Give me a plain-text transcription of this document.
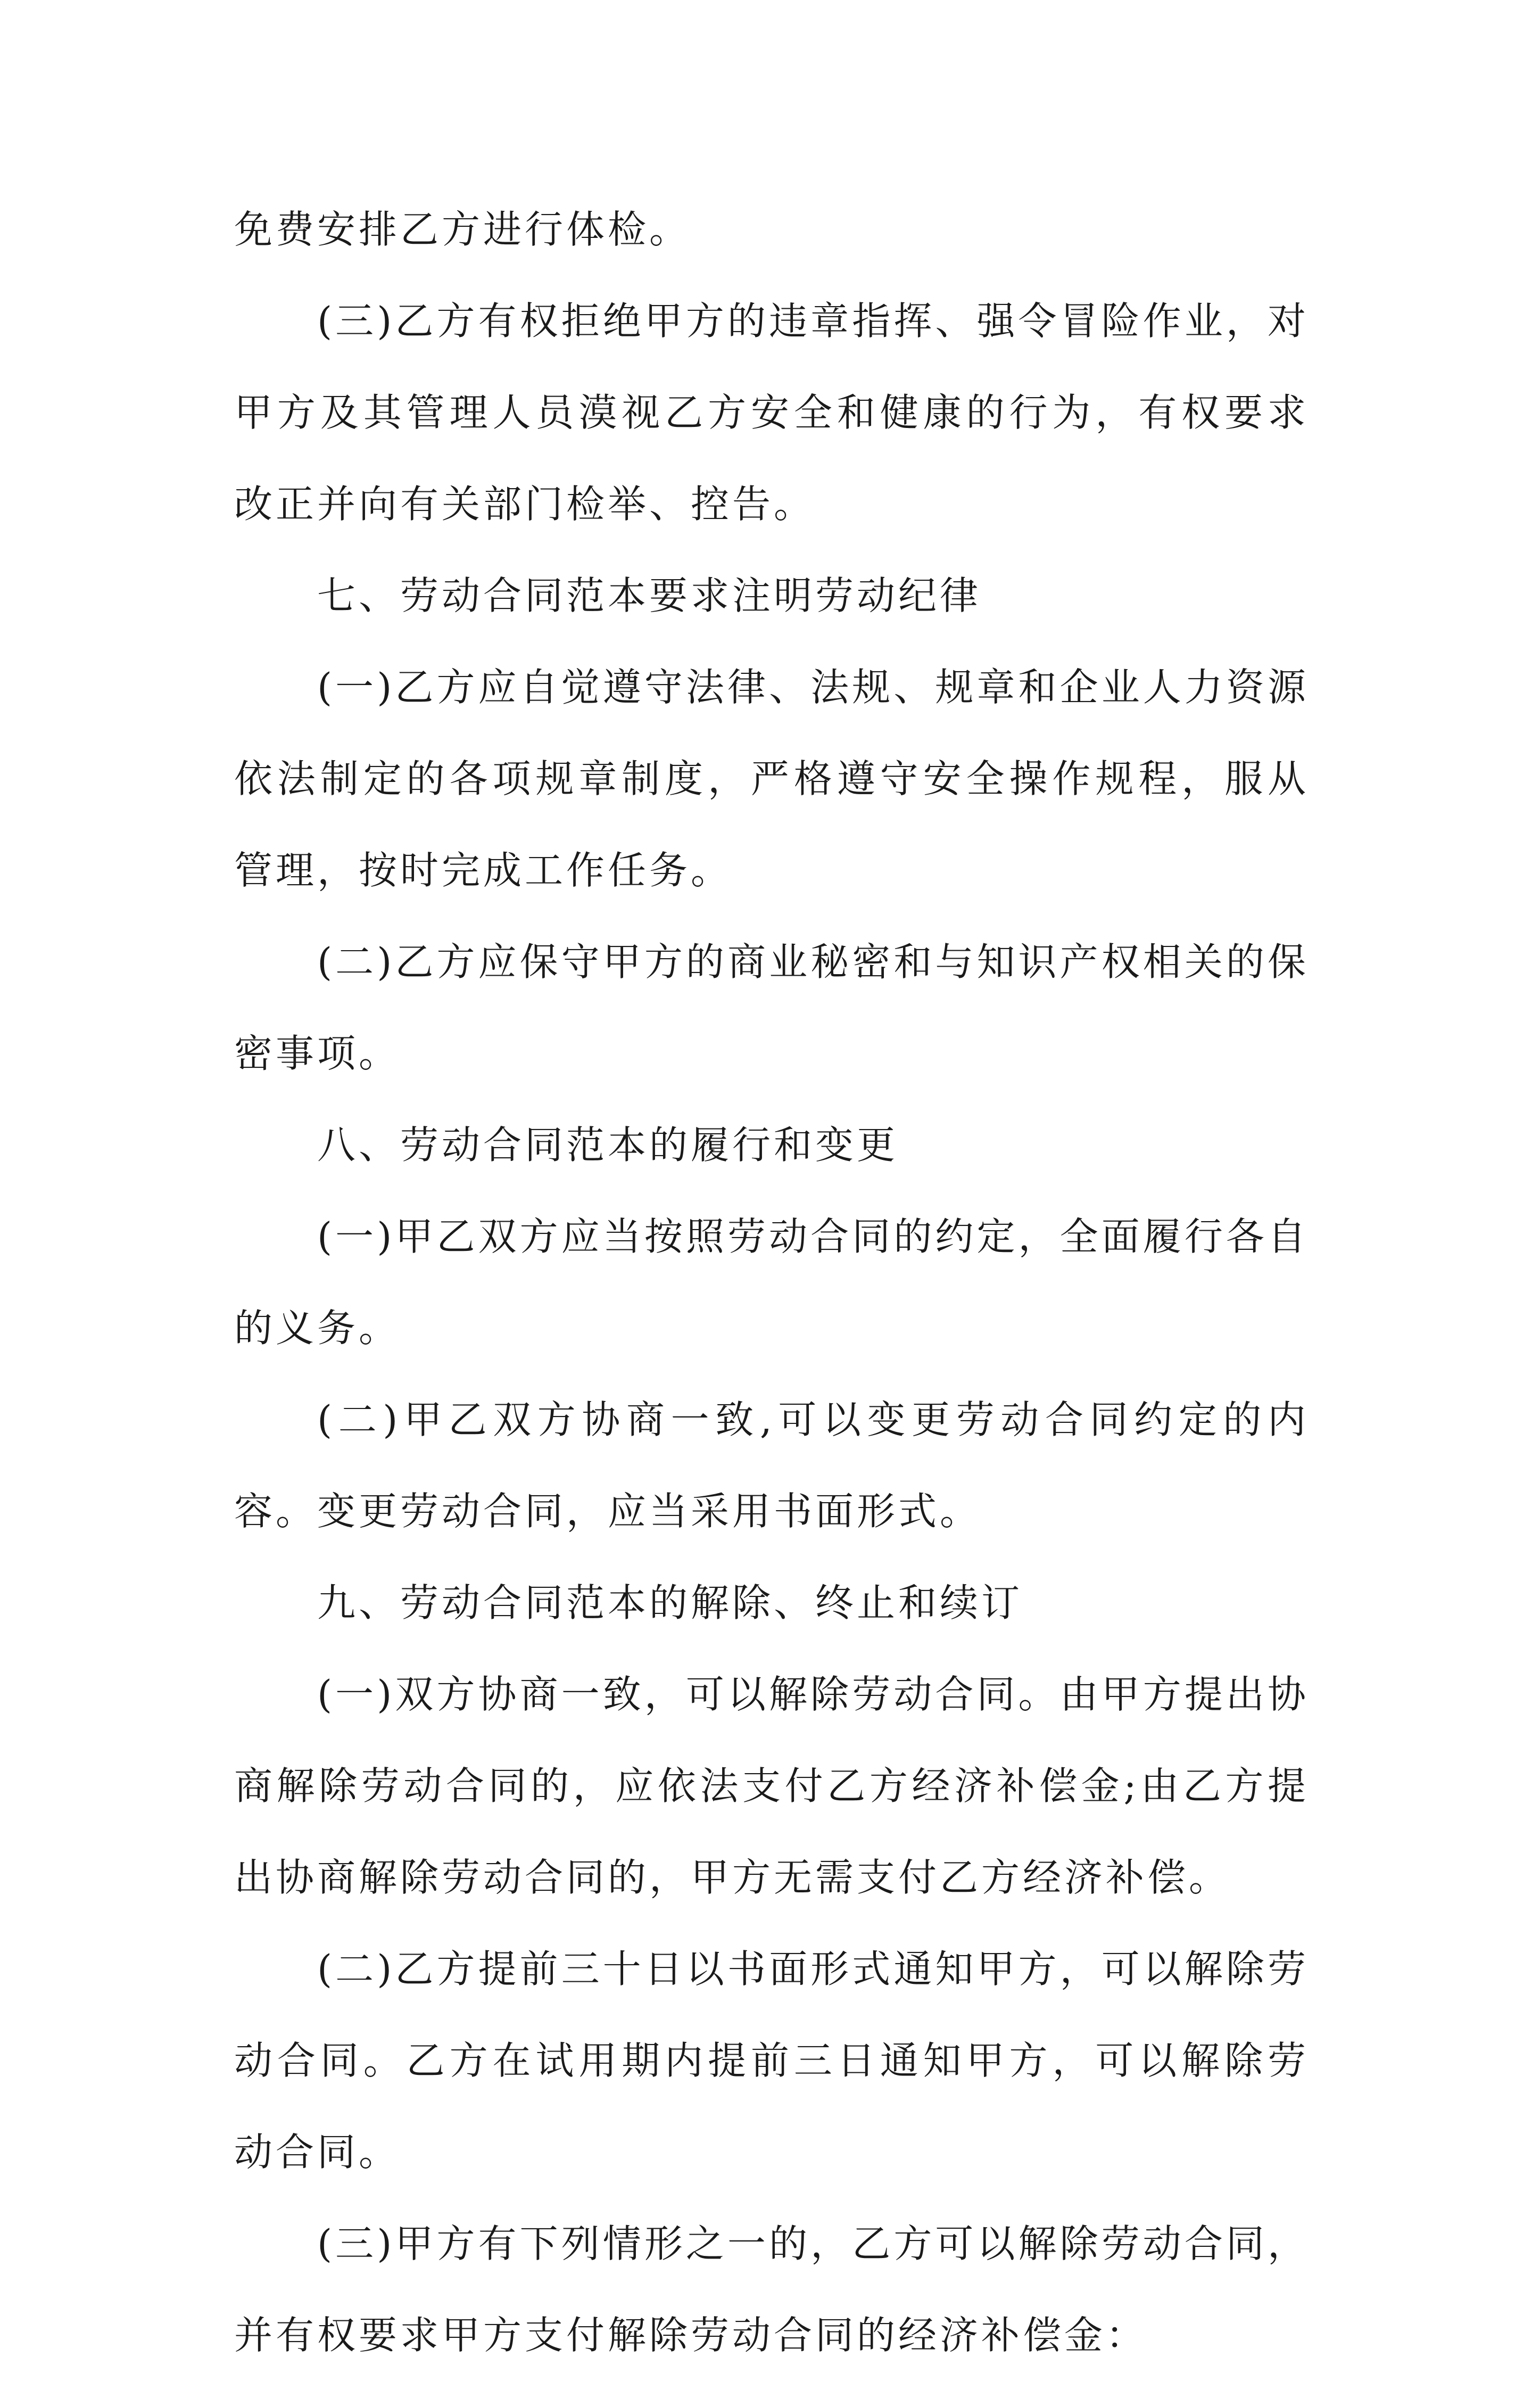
免费安排乙方进行体检。

(三)乙方有权拒绝甲方的违章指挥、强令冒险作业，对甲方及其管理人员漠视乙方安全和健康的行为，有权要求改正并向有关部门检举、控告。

七、劳动合同范本要求注明劳动纪律

(一)乙方应自觉遵守法律、法规、规章和企业人力资源依法制定的各项规章制度，严格遵守安全操作规程，服从管理，按时完成工作任务。

(二)乙方应保守甲方的商业秘密和与知识产权相关的保密事项。

八、劳动合同范本的履行和变更

(一)甲乙双方应当按照劳动合同的约定，全面履行各自的义务。

(二)甲乙双方协商一致,可以变更劳动合同约定的内容。变更劳动合同，应当采用书面形式。

九、劳动合同范本的解除、终止和续订

(一)双方协商一致，可以解除劳动合同。由甲方提出协商解除劳动合同的，应依法支付乙方经济补偿金;由乙方提出协商解除劳动合同的，甲方无需支付乙方经济补偿。

(二)乙方提前三十日以书面形式通知甲方，可以解除劳动合同。乙方在试用期内提前三日通知甲方，可以解除劳动合同。

(三)甲方有下列情形之一的，乙方可以解除劳动合同，并有权要求甲方支付解除劳动合同的经济补偿金：
